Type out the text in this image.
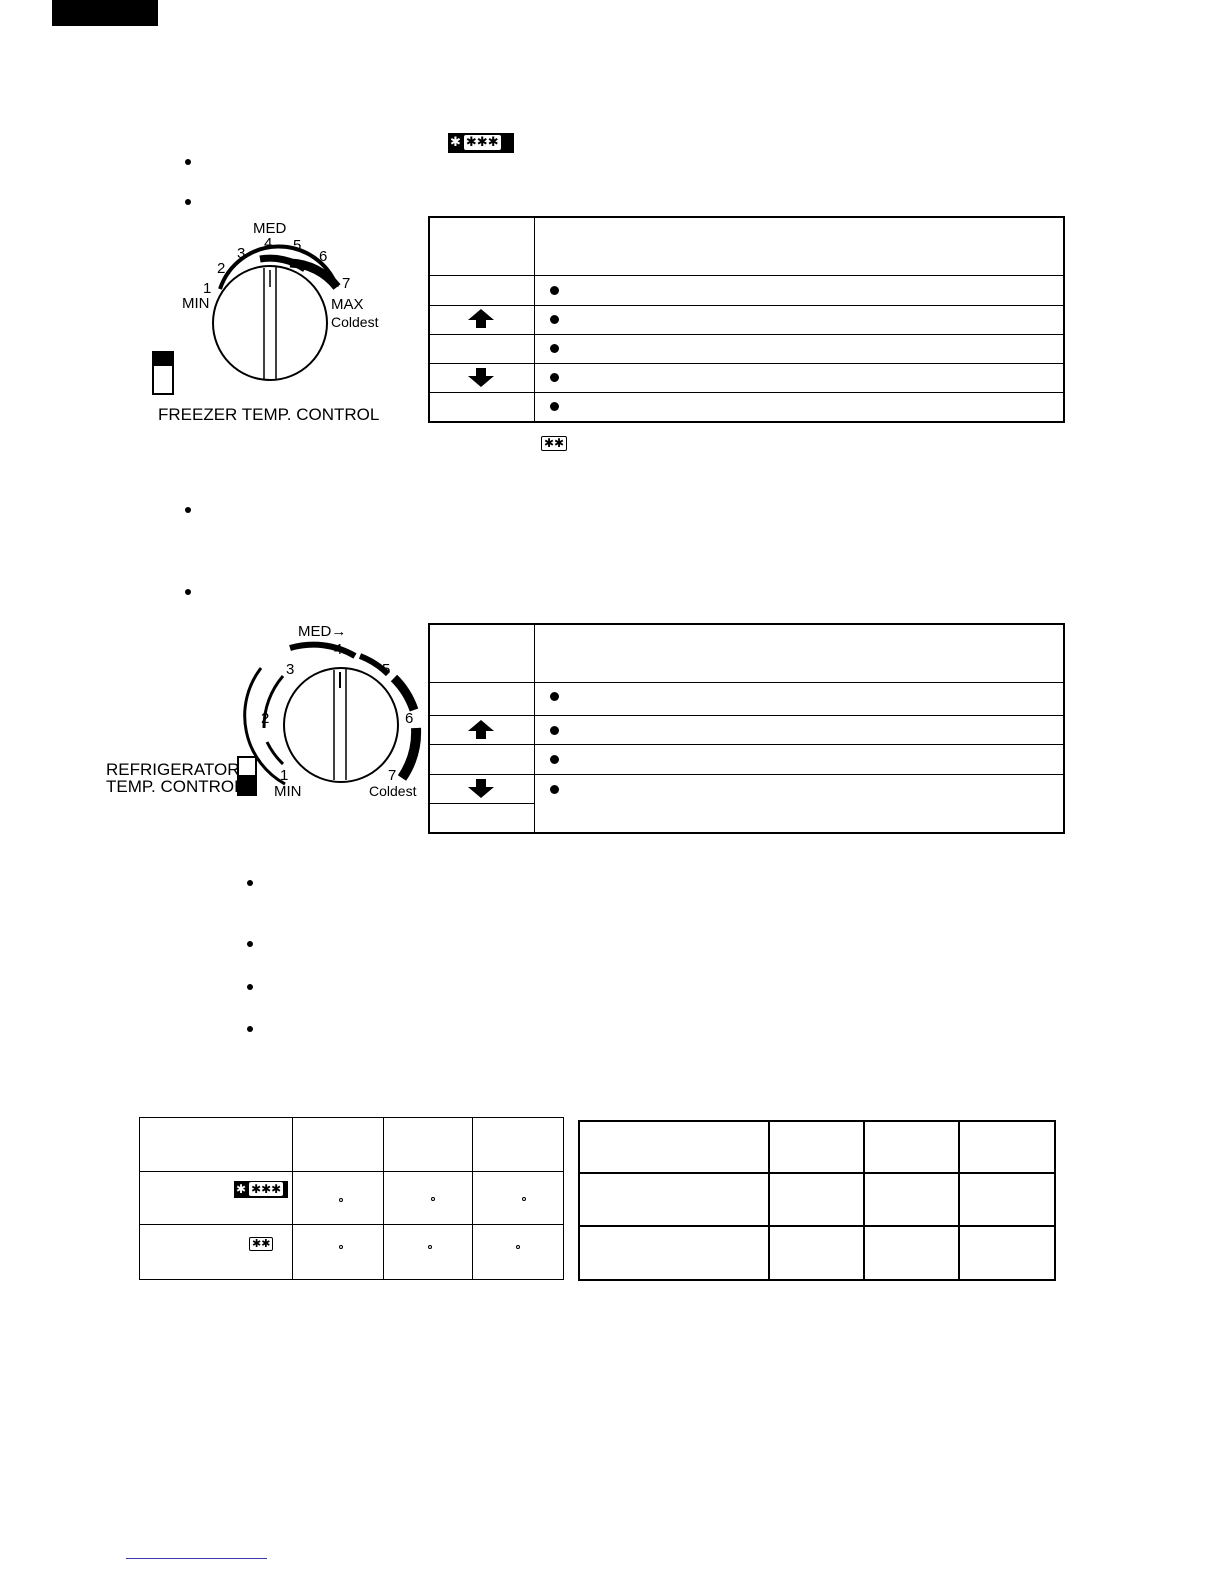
✱ ✱✱✱
1
2
3
4 5
6
7
MED
MIN	MAX
Coldest
FREEZER TEMP. CONTROL
✱✱
1
2
3
4
5
6
7
MED→
MIN	Coldest
REFRIGERATOR
TEMP. CONTROL
✱ ✱✱✱
✱✱
